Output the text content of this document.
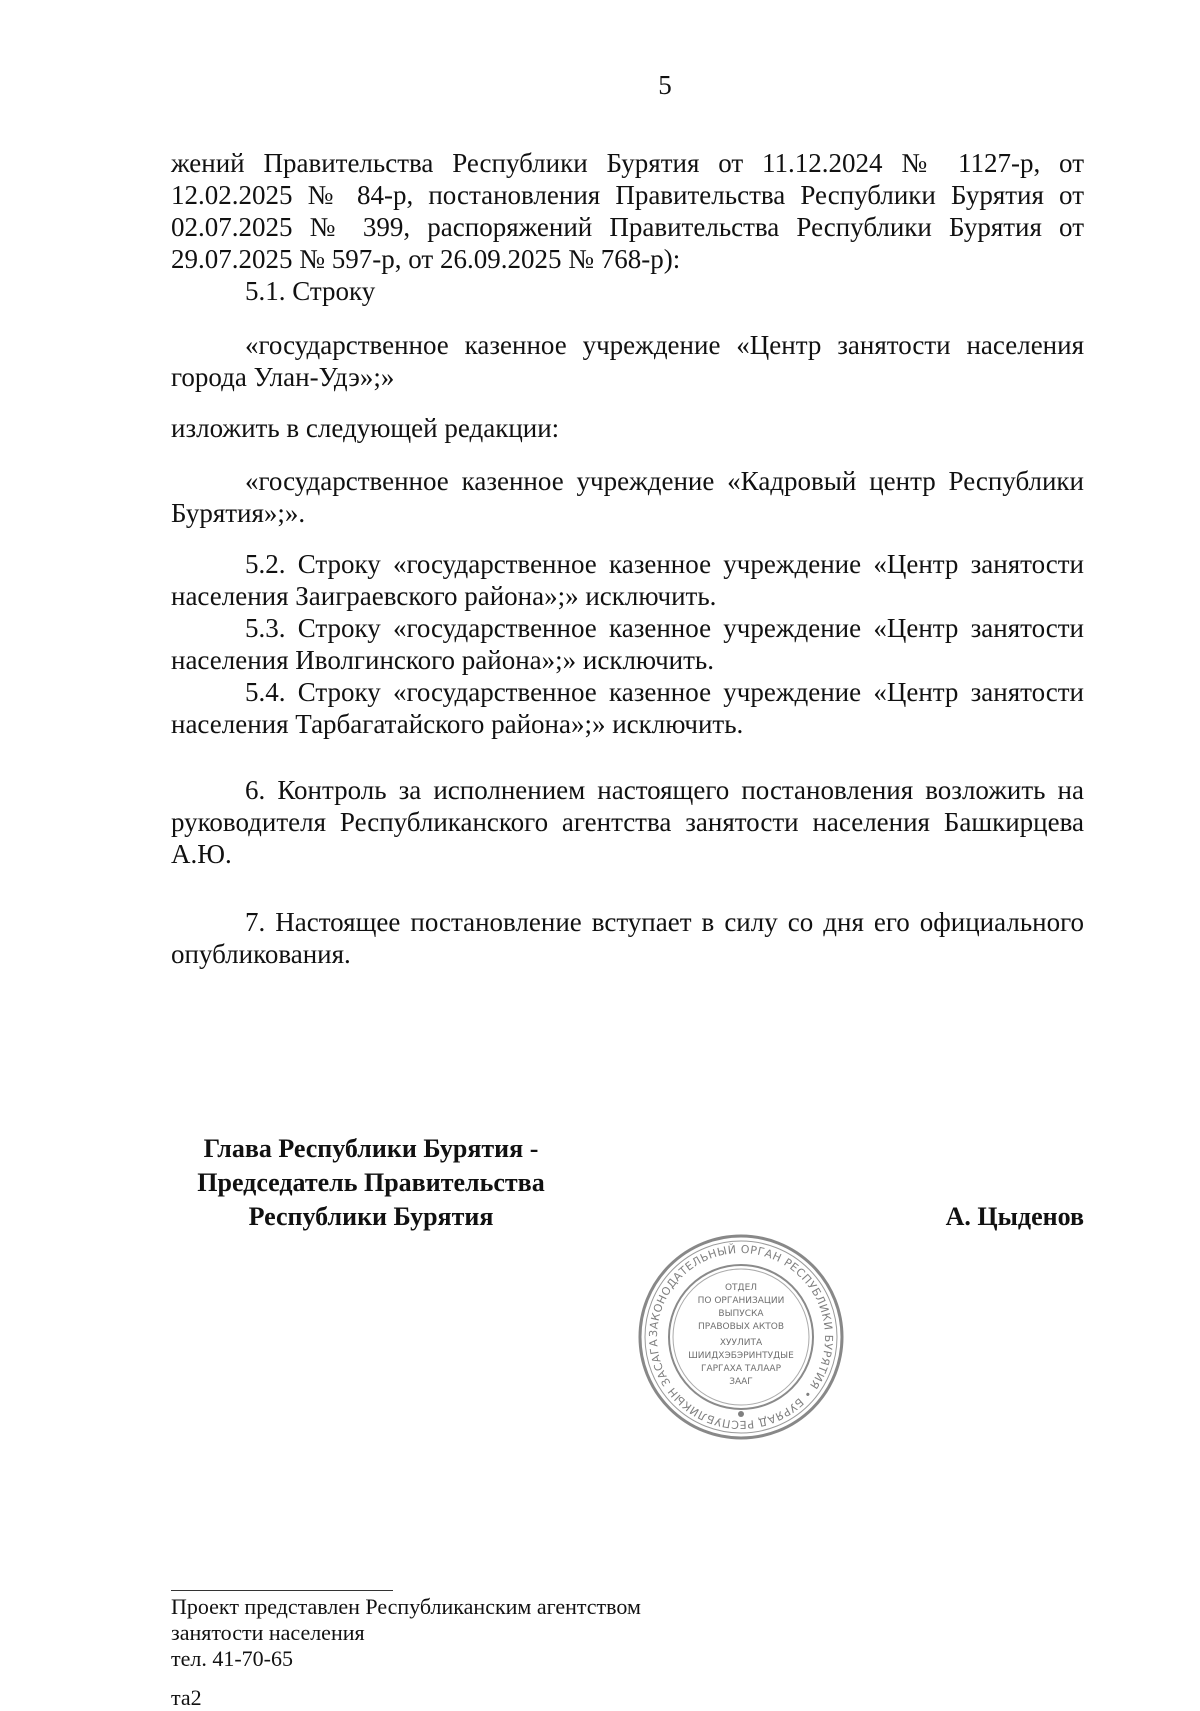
5

жений Правительства Республики Бурятия от 11.12.2024 № 1127-р, от 12.02.2025 № 84-р, постановления Правительства Республики Бурятия от 02.07.2025 № 399, распоряжений Правительства Республики Бурятия от 29.07.2025 № 597-р, от 26.09.2025 № 768-р):

5.1. Строку

«государственное казенное учреждение «Центр занятости населения города Улан-Удэ»;»

изложить в следующей редакции:

«государственное казенное учреждение «Кадровый центр Республики Бурятия»;».

5.2. Строку «государственное казенное учреждение «Центр занятости населения Заиграевского района»;» исключить.

5.3. Строку «государственное казенное учреждение «Центр занятости населения Иволгинского района»;» исключить.

5.4. Строку «государственное казенное учреждение «Центр занятости населения Тарбагатайского района»;» исключить.

6. Контроль за исполнением настоящего постановления возложить на руководителя Республиканского агентства занятости населения Башкирцева А.Ю.

7. Настоящее постановление вступает в силу со дня его официального опубликования.

Глава Республики Бурятия -
Председатель Правительства
Республики Бурятия	А. Цыденов
ЗАКОНОДАТЕЛЬНЫЙ ОРГАН РЕСПУБЛИКИ БУРЯТИЯ • БУРЯАД РЕСПУБЛИКЫН ЗАСАГА
ОТДЕЛ
ПО ОРГАНИЗАЦИИ
ВЫПУСКА
ПРАВОВЫХ АКТОВ
ХУУЛИТА
ШИИДХЭБЭРИНТУДЫЕ
ГАРГАХА ТАЛААР
ЗААГ
Проект представлен Республиканским агентством
занятости населения
тел. 41-70-65
та2
